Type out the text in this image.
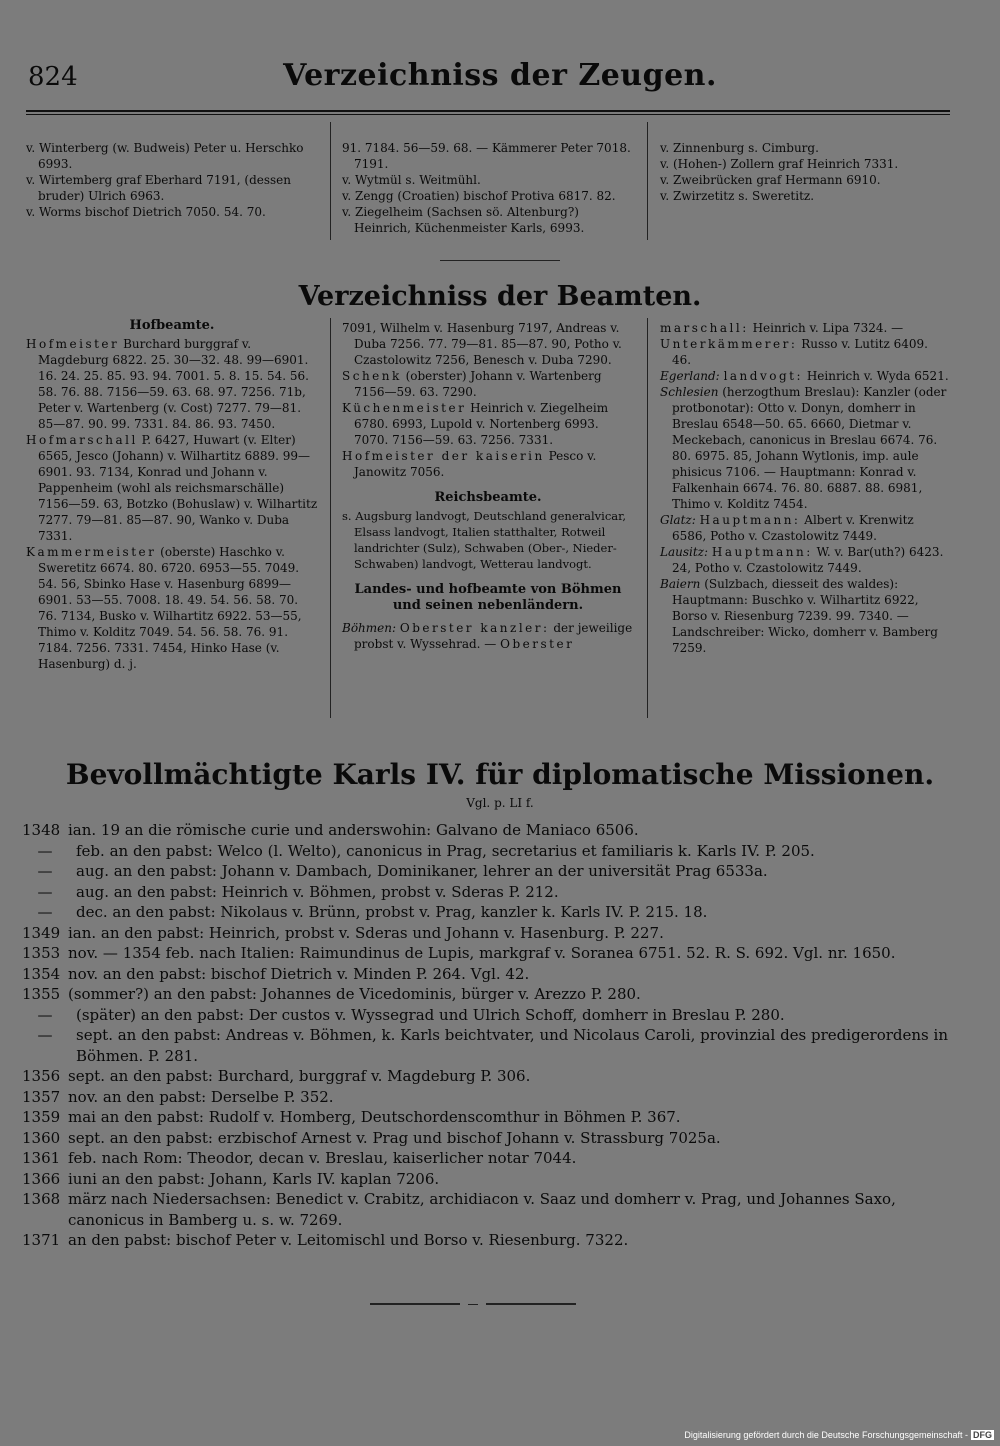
824	Verzeichniss der Zeugen.

v. Winterberg (w. Budweis) Peter u. Herschko 6993.

v. Wirtemberg graf Eberhard 7191, (dessen bruder) Ulrich 6963.

v. Worms bischof Dietrich 7050. 54. 70.

91. 7184. 56—59. 68. — Kämmerer Peter 7018. 7191.

v. Wytmül s. Weitmühl.

v. Zengg (Croatien) bischof Protiva 6817. 82.

v. Ziegelheim (Sachsen sö. Altenburg?) Heinrich, Küchenmeister Karls, 6993.

v. Zinnenburg s. Cimburg.

v. (Hohen-) Zollern graf Heinrich 7331.

v. Zweibrücken graf Hermann 6910.

v. Zwirzetitz s. Sweretitz.

Verzeichniss der Beamten.

Hofbeamte.

Hofmeister Burchard burggraf v. Magdeburg 6822. 25. 30—32. 48. 99—6901. 16. 24. 25. 85. 93. 94. 7001. 5. 8. 15. 54. 56. 58. 76. 88. 7156—59. 63. 68. 97. 7256. 71b, Peter v. Wartenberg (v. Cost) 7277. 79—81. 85—87. 90. 99. 7331. 84. 86. 93. 7450.

Hofmarschall P. 6427, Huwart (v. Elter) 6565, Jesco (Johann) v. Wilhartitz 6889. 99—6901. 93. 7134, Konrad und Johann v. Pappenheim (wohl als reichsmarschälle) 7156—59. 63, Botzko (Bohuslaw) v. Wilhartitz 7277. 79—81. 85—87. 90, Wanko v. Duba 7331.

Kammermeister (oberste) Haschko v. Sweretitz 6674. 80. 6720. 6953—55. 7049. 54. 56, Sbinko Hase v. Hasenburg 6899—6901. 53—55. 7008. 18. 49. 54. 56. 58. 70. 76. 7134, Busko v. Wilhartitz 6922. 53—55, Thimo v. Kolditz 7049. 54. 56. 58. 76. 91. 7184. 7256. 7331. 7454, Hinko Hase (v. Hasenburg) d. j.

7091, Wilhelm v. Hasenburg 7197, Andreas v. Duba 7256. 77. 79—81. 85—87. 90, Potho v. Czastolowitz 7256, Benesch v. Duba 7290.

Schenk (oberster) Johann v. Wartenberg 7156—59. 63. 7290.

Küchenmeister Heinrich v. Ziegelheim 6780. 6993, Lupold v. Nortenberg 6993. 7070. 7156—59. 63. 7256. 7331.

Hofmeister der kaiserin Pesco v. Janowitz 7056.

Reichsbeamte.

s. Augsburg landvogt, Deutschland generalvicar, Elsass landvogt, Italien statthalter, Rotweil landrichter (Sulz), Schwaben (Ober-, Nieder-Schwaben) landvogt, Wetterau landvogt.

Landes- und hofbeamte von Böhmen und seinen nebenländern.

Böhmen: Oberster kanzler: der jeweilige probst v. Wyssehrad. — Oberster

marschall: Heinrich v. Lipa 7324. —

Unterkämmerer: Russo v. Lutitz 6409. 46.

Egerland: landvogt: Heinrich v. Wyda 6521.

Schlesien (herzogthum Breslau): Kanzler (oder protbonotar): Otto v. Donyn, domherr in Breslau 6548—50. 65. 6660, Dietmar v. Meckebach, canonicus in Breslau 6674. 76. 80. 6975. 85, Johann Wytlonis, imp. aule phisicus 7106. — Hauptmann: Konrad v. Falkenhain 6674. 76. 80. 6887. 88. 6981, Thimo v. Kolditz 7454.

Glatz: Hauptmann: Albert v. Krenwitz 6586, Potho v. Czastolowitz 7449.

Lausitz: Hauptmann: W. v. Bar(uth?) 6423. 24, Potho v. Czastolowitz 7449.

Baiern (Sulzbach, diesseit des waldes): Hauptmann: Buschko v. Wilhartitz 6922, Borso v. Riesenburg 7239. 99. 7340. — Landschreiber: Wicko, domherr v. Bamberg 7259.

Bevollmächtigte Karls IV. für diplomatische Missionen.
Vgl. p. LI f.
1348 ian. 19 an die römische curie und anderswohin: Galvano de Maniaco 6506.
—	feb. an den pabst: Welco (l. Welto), canonicus in Prag, secretarius et familiaris k. Karls IV. P. 205.
—	aug. an den pabst: Johann v. Dambach, Dominikaner, lehrer an der universität Prag 6533a.
—	aug. an den pabst: Heinrich v. Böhmen, probst v. Sderas P. 212.
—	dec. an den pabst: Nikolaus v. Brünn, probst v. Prag, kanzler k. Karls IV. P. 215. 18.
1349 ian. an den pabst: Heinrich, probst v. Sderas und Johann v. Hasenburg. P. 227.
1353 nov. — 1354 feb. nach Italien: Raimundinus de Lupis, markgraf v. Soranea 6751. 52. R. S. 692. Vgl. nr. 1650.
1354 nov. an den pabst: bischof Dietrich v. Minden P. 264. Vgl. 42.
1355 (sommer?) an den pabst: Johannes de Vicedominis, bürger v. Arezzo P. 280.
—	(später) an den pabst: Der custos v. Wyssegrad und Ulrich Schoff, domherr in Breslau P. 280.
—	sept. an den pabst: Andreas v. Böhmen, k. Karls beichtvater, und Nicolaus Caroli, provinzial des predigerordens in Böhmen. P. 281.
1356 sept. an den pabst: Burchard, burggraf v. Magdeburg P. 306.
1357 nov. an den pabst: Derselbe P. 352.
1359 mai an den pabst: Rudolf v. Homberg, Deutschordenscomthur in Böhmen P. 367.
1360 sept. an den pabst: erzbischof Arnest v. Prag und bischof Johann v. Strassburg 7025a.
1361 feb. nach Rom: Theodor, decan v. Breslau, kaiserlicher notar 7044.
1366 iuni an den pabst: Johann, Karls IV. kaplan 7206.
1368 märz nach Niedersachsen: Benedict v. Crabitz, archidiacon v. Saaz und domherr v. Prag, und Johannes Saxo, canonicus in Bamberg u. s. w. 7269.
1371 an den pabst: bischof Peter v. Leitomischl und Borso v. Riesenburg. 7322.
Digitalisierung gefördert durch die Deutsche Forschungsgemeinschaft - DFG
